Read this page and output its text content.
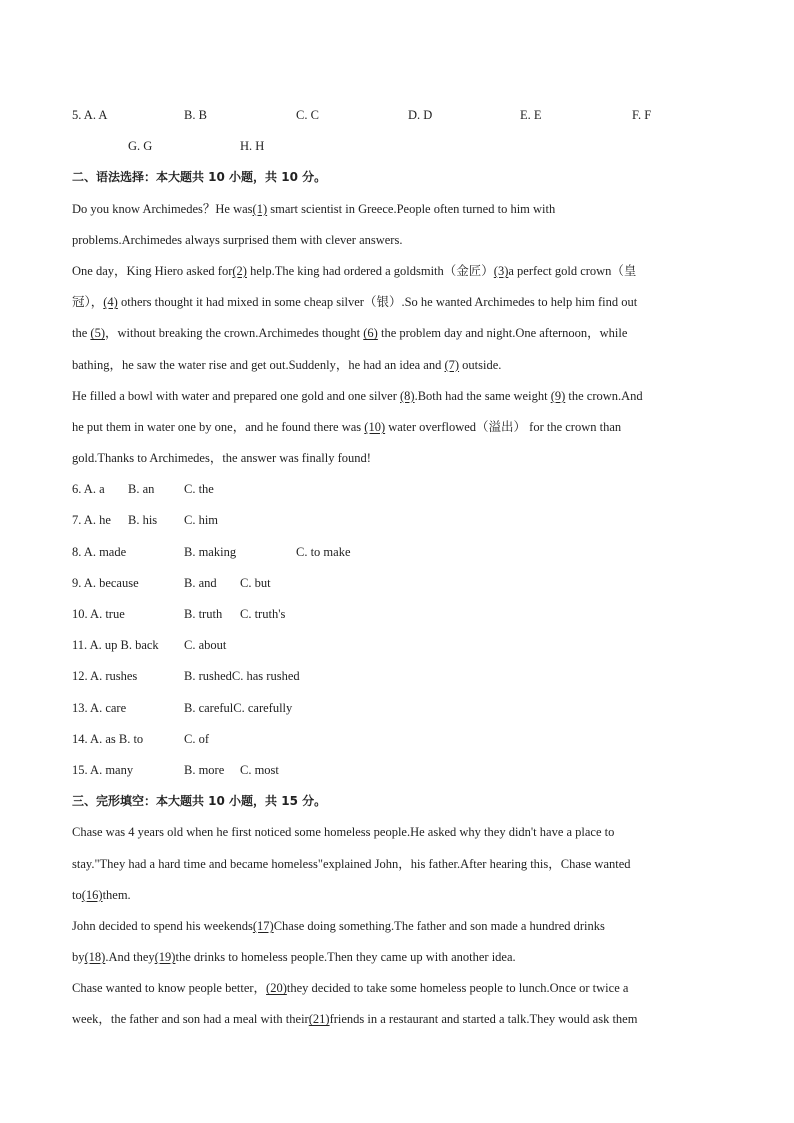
5. A. A	B. B	C. C	D. D	E. E	F. F
G. G	H. H
二、语法选择：本大题共 10 小题，共 10 分。
Do you know Archimedes？He was(1) smart scientist in Greece.People often turned to him with
problems.Archimedes always surprised them with clever answers.
One day，King Hiero asked for(2) help.The king had ordered a goldsmith（金匠）(3)a perfect gold crown（皇
冠），(4) others thought it had mixed in some cheap silver（银）.So he wanted Archimedes to help him find out
the (5)，without breaking the crown.Archimedes thought (6) the problem day and night.One afternoon，while
bathing，he saw the water rise and get out.Suddenly，he had an idea and (7) outside.
He filled a bowl with water and prepared one gold and one silver (8).Both had the same weight (9) the crown.And
he put them in water one by one，and he found there was (10) water overflowed（溢出） for the crown than
gold.Thanks to Archimedes，the answer was finally found!
6. A. a B. an C. the
7. A. he B. his C. him
8. A. made	B. making	C. to make
9. A. because	B. and C. but
10. A. true	B. truth C. truth's
11. A. up B. back C. about
12. A. rushes	B. rushedC. has rushed
13. A. care	B. carefulC. carefully
14. A. as B. to	C. of
15. A. many	B. more C. most
三、完形填空：本大题共 10 小题，共 15 分。
Chase was 4 years old when he first noticed some homeless people.He asked why they didn't have a place to
stay."They had a hard time and became homeless"explained John，his father.After hearing this，Chase wanted
to(16)them.
John decided to spend his weekends(17)Chase doing something.The father and son made a hundred drinks
by(18).And they(19)the drinks to homeless people.Then they came up with another idea.
Chase wanted to know people better，(20)they decided to take some homeless people to lunch.Once or twice a
week，the father and son had a meal with their(21)friends in a restaurant and started a talk.They would ask them
